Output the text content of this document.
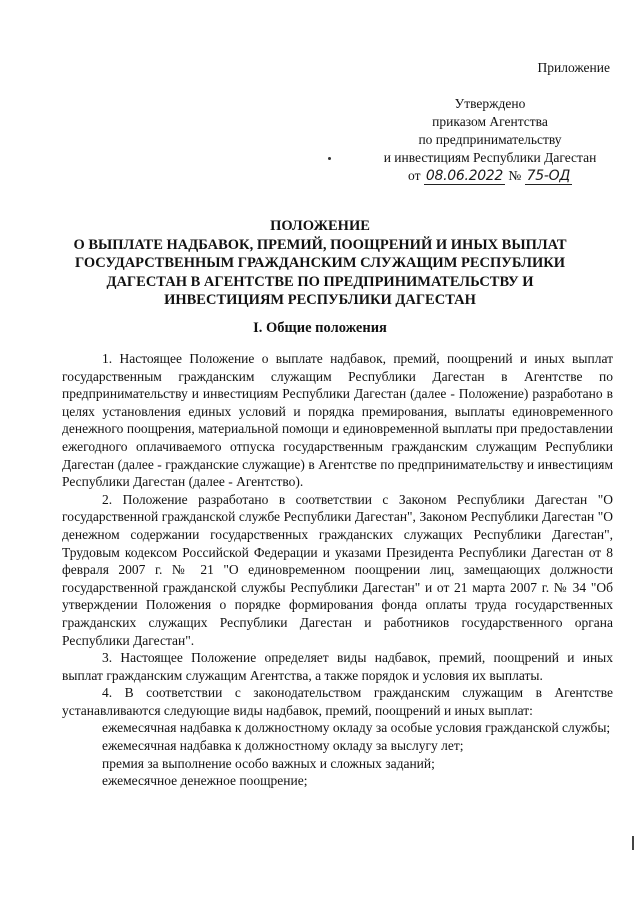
Приложение
Утверждено
приказом Агентства
по предпринимательству
и инвестициям Республики Дагестан
от 08.06.2022 № 75-ОД
ПОЛОЖЕНИЕ
О ВЫПЛАТЕ НАДБАВОК, ПРЕМИЙ, ПООЩРЕНИЙ И ИНЫХ ВЫПЛАТ
ГОСУДАРСТВЕННЫМ ГРАЖДАНСКИМ СЛУЖАЩИМ РЕСПУБЛИКИ
ДАГЕСТАН В АГЕНТСТВЕ ПО ПРЕДПРИНИМАТЕЛЬСТВУ И
ИНВЕСТИЦИЯМ РЕСПУБЛИКИ ДАГЕСТАН
I. Общие положения

1. Настоящее Положение о выплате надбавок, премий, поощрений и иных выплат государственным гражданским служащим Республики Дагестан в Агентстве по предпринимательству и инвестициям Республики Дагестан (далее - Положение) разработано в целях установления единых условий и порядка премирования, выплаты единовременного денежного поощрения, материальной помощи и единовременной выплаты при предоставлении ежегодного оплачиваемого отпуска государственным гражданским служащим Республики Дагестан (далее - гражданские служащие) в Агентстве по предпринимательству и инвестициям Республики Дагестан (далее - Агентство).

2. Положение разработано в соответствии с Законом Республики Дагестан "О государственной гражданской службе Республики Дагестан", Законом Республики Дагестан "О денежном содержании государственных гражданских служащих Республики Дагестан", Трудовым кодексом Российской Федерации и указами Президента Республики Дагестан от 8 февраля 2007 г. № 21 "О единовременном поощрении лиц, замещающих должности государственной гражданской службы Республики Дагестан" и от 21 марта 2007 г. № 34 "Об утверждении Положения о порядке формирования фонда оплаты труда государственных гражданских служащих Республики Дагестан и работников государственного органа Республики Дагестан".

3. Настоящее Положение определяет виды надбавок, премий, поощрений и иных выплат гражданским служащим Агентства, а также порядок и условия их выплаты.

4. В соответствии с законодательством гражданским служащим в Агентстве устанавливаются следующие виды надбавок, премий, поощрений и иных выплат:

ежемесячная надбавка к должностному окладу за особые условия гражданской службы;

ежемесячная надбавка к должностному окладу за выслугу лет;

премия за выполнение особо важных и сложных заданий;

ежемесячное денежное поощрение;
